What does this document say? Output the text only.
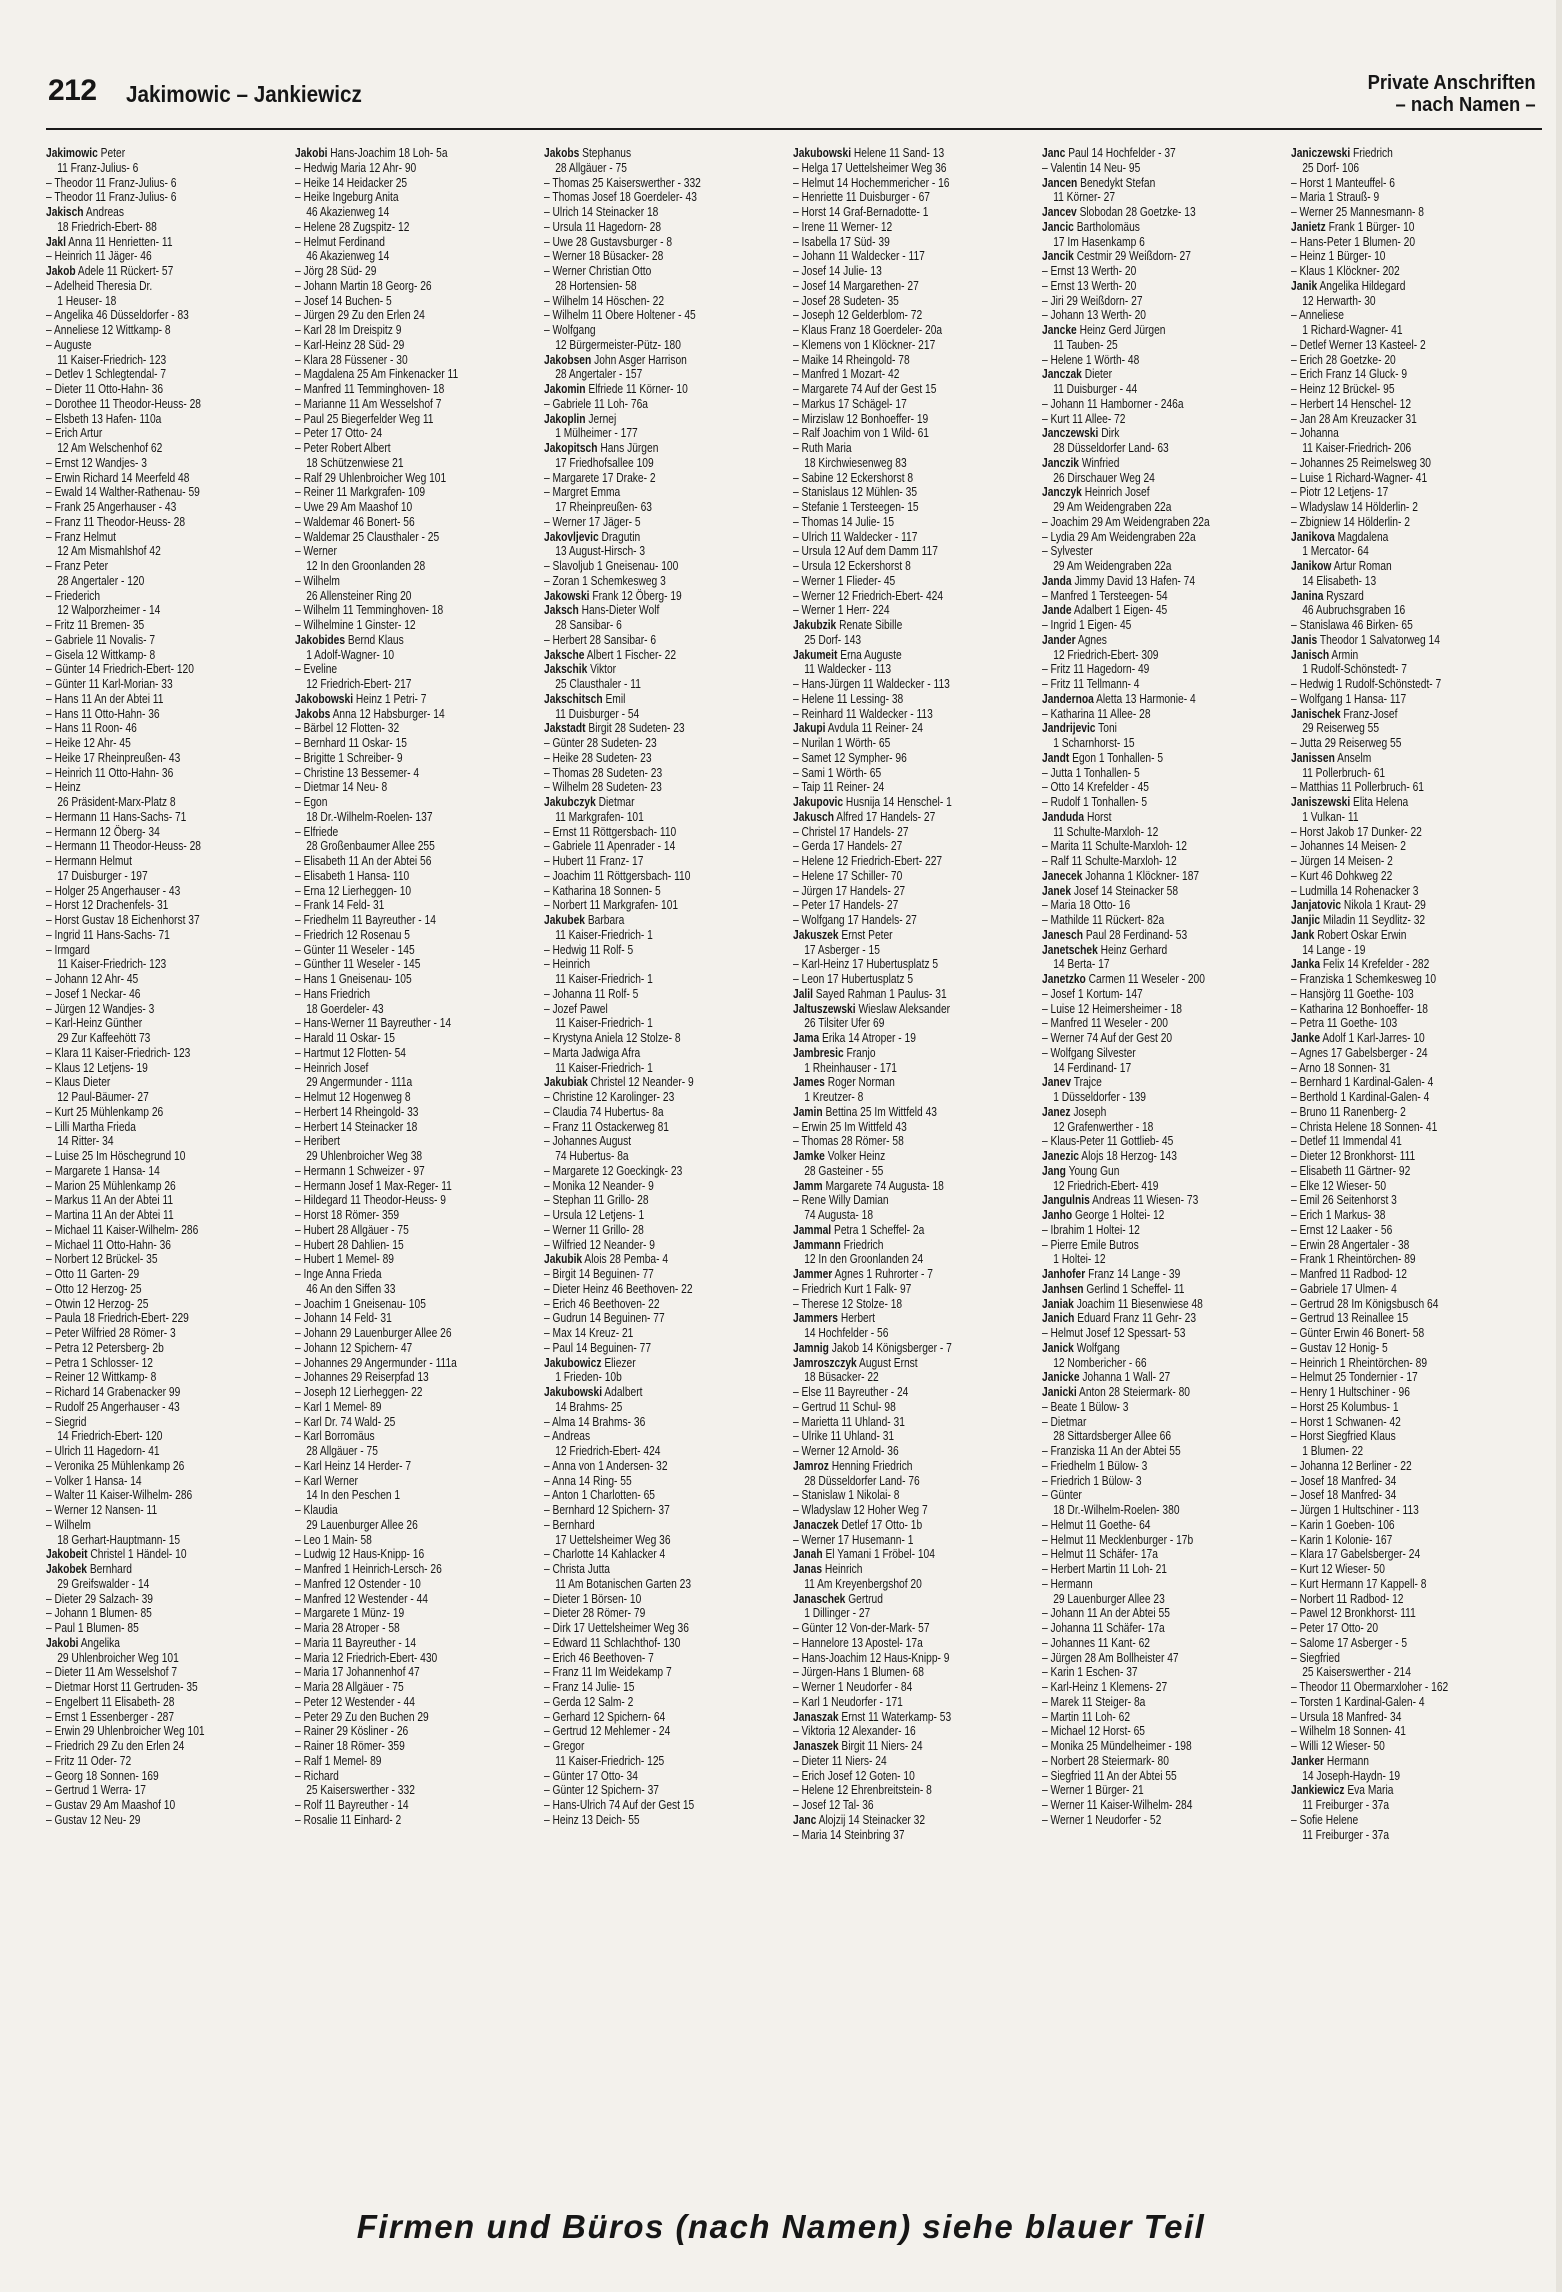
212 Jakimowic – Jankiewicz	Private Anschriften
– nach Namen –
Jakimowic Peter
11 Franz-Julius- 6
– Theodor 11 Franz-Julius- 6
– Theodor 11 Franz-Julius- 6
Jakisch Andreas
18 Friedrich-Ebert- 88
Jakl Anna 11 Henrietten- 11
– Heinrich 11 Jäger- 46
Jakob Adele 11 Rückert- 57
– Adelheid Theresia Dr.
1 Heuser- 18
– Angelika 46 Düsseldorfer - 83
– Anneliese 12 Wittkamp- 8
– Auguste
11 Kaiser-Friedrich- 123
– Detlev 1 Schlegtendal- 7
– Dieter 11 Otto-Hahn- 36
– Dorothee 11 Theodor-Heuss- 28
– Elsbeth 13 Hafen- 110a
– Erich Artur
12 Am Welschenhof 62
– Ernst 12 Wandjes- 3
– Erwin Richard 14 Meerfeld 48
– Ewald 14 Walther-Rathenau- 59
– Frank 25 Angerhauser - 43
– Franz 11 Theodor-Heuss- 28
– Franz Helmut
12 Am Mismahlshof 42
– Franz Peter
28 Angertaler - 120
– Friederich
12 Walporzheimer - 14
– Fritz 11 Bremen- 35
– Gabriele 11 Novalis- 7
– Gisela 12 Wittkamp- 8
– Günter 14 Friedrich-Ebert- 120
– Günter 11 Karl-Morian- 33
– Hans 11 An der Abtei 11
– Hans 11 Otto-Hahn- 36
– Hans 11 Roon- 46
– Heike 12 Ahr- 45
– Heike 17 Rheinpreußen- 43
– Heinrich 11 Otto-Hahn- 36
– Heinz
26 Präsident-Marx-Platz 8
– Hermann 11 Hans-Sachs- 71
– Hermann 12 Öberg- 34
– Hermann 11 Theodor-Heuss- 28
– Hermann Helmut
17 Duisburger - 197
– Holger 25 Angerhauser - 43
– Horst 12 Drachenfels- 31
– Horst Gustav 18 Eichenhorst 37
– Ingrid 11 Hans-Sachs- 71
– Irmgard
11 Kaiser-Friedrich- 123
– Johann 12 Ahr- 45
– Josef 1 Neckar- 46
– Jürgen 12 Wandjes- 3
– Karl-Heinz Günther
29 Zur Kaffeehött 73
– Klara 11 Kaiser-Friedrich- 123
– Klaus 12 Letjens- 19
– Klaus Dieter
12 Paul-Bäumer- 27
– Kurt 25 Mühlenkamp 26
– Lilli Martha Frieda
14 Ritter- 34
– Luise 25 Im Höschegrund 10
– Margarete 1 Hansa- 14
– Marion 25 Mühlenkamp 26
– Markus 11 An der Abtei 11
– Martina 11 An der Abtei 11
– Michael 11 Kaiser-Wilhelm- 286
– Michael 11 Otto-Hahn- 36
– Norbert 12 Brückel- 35
– Otto 11 Garten- 29
– Otto 12 Herzog- 25
– Otwin 12 Herzog- 25
– Paula 18 Friedrich-Ebert- 229
– Peter Wilfried 28 Römer- 3
– Petra 12 Petersberg- 2b
– Petra 1 Schlosser- 12
– Reiner 12 Wittkamp- 8
– Richard 14 Grabenacker 99
– Rudolf 25 Angerhauser - 43
– Siegrid
14 Friedrich-Ebert- 120
– Ulrich 11 Hagedorn- 41
– Veronika 25 Mühlenkamp 26
– Volker 1 Hansa- 14
– Walter 11 Kaiser-Wilhelm- 286
– Werner 12 Nansen- 11
– Wilhelm
18 Gerhart-Hauptmann- 15
Jakobeit Christel 1 Händel- 10
Jakobek Bernhard
29 Greifswalder - 14
– Dieter 29 Salzach- 39
– Johann 1 Blumen- 85
– Paul 1 Blumen- 85
Jakobi Angelika
29 Uhlenbroicher Weg 101
– Dieter 11 Am Wesselshof 7
– Dietmar Horst 11 Gertruden- 35
– Engelbert 11 Elisabeth- 28
– Ernst 1 Essenberger - 287
– Erwin 29 Uhlenbroicher Weg 101
– Friedrich 29 Zu den Erlen 24
– Fritz 11 Oder- 72
– Georg 18 Sonnen- 169
– Gertrud 1 Werra- 17
– Gustav 29 Am Maashof 10
– Gustav 12 Neu- 29
Jakobi Hans-Joachim 18 Loh- 5a
– Hedwig Maria 12 Ahr- 90
– Heike 14 Heidacker 25
– Heike Ingeburg Anita
46 Akazienweg 14
– Helene 28 Zugspitz- 12
– Helmut Ferdinand
46 Akazienweg 14
– Jörg 28 Süd- 29
– Johann Martin 18 Georg- 26
– Josef 14 Buchen- 5
– Jürgen 29 Zu den Erlen 24
– Karl 28 Im Dreispitz 9
– Karl-Heinz 28 Süd- 29
– Klara 28 Füssener - 30
– Magdalena 25 Am Finkenacker 11
– Manfred 11 Temminghoven- 18
– Marianne 11 Am Wesselshof 7
– Paul 25 Biegerfelder Weg 11
– Peter 17 Otto- 24
– Peter Robert Albert
18 Schützenwiese 21
– Ralf 29 Uhlenbroicher Weg 101
– Reiner 11 Markgrafen- 109
– Uwe 29 Am Maashof 10
– Waldemar 46 Bonert- 56
– Waldemar 25 Clausthaler - 25
– Werner
12 In den Groonlanden 28
– Wilhelm
26 Allensteiner Ring 20
– Wilhelm 11 Temminghoven- 18
– Wilhelmine 1 Ginster- 12
Jakobides Bernd Klaus
1 Adolf-Wagner- 10
– Eveline
12 Friedrich-Ebert- 217
Jakobowski Heinz 1 Petri- 7
Jakobs Anna 12 Habsburger- 14
– Bärbel 12 Flotten- 32
– Bernhard 11 Oskar- 15
– Brigitte 1 Schreiber- 9
– Christine 13 Bessemer- 4
– Dietmar 14 Neu- 8
– Egon
18 Dr.-Wilhelm-Roelen- 137
– Elfriede
28 Großenbaumer Allee 255
– Elisabeth 11 An der Abtei 56
– Elisabeth 1 Hansa- 110
– Erna 12 Lierheggen- 10
– Frank 14 Feld- 31
– Friedhelm 11 Bayreuther - 14
– Friedrich 12 Rosenau 5
– Günter 11 Weseler - 145
– Günther 11 Weseler - 145
– Hans 1 Gneisenau- 105
– Hans Friedrich
18 Goerdeler- 43
– Hans-Werner 11 Bayreuther - 14
– Harald 11 Oskar- 15
– Hartmut 12 Flotten- 54
– Heinrich Josef
29 Angermunder - 111a
– Helmut 12 Hogenweg 8
– Herbert 14 Rheingold- 33
– Herbert 14 Steinacker 18
– Heribert
29 Uhlenbroicher Weg 38
– Hermann 1 Schweizer - 97
– Hermann Josef 1 Max-Reger- 11
– Hildegard 11 Theodor-Heuss- 9
– Horst 18 Römer- 359
– Hubert 28 Allgäuer - 75
– Hubert 28 Dahlien- 15
– Hubert 1 Memel- 89
– Inge Anna Frieda
46 An den Siffen 33
– Joachim 1 Gneisenau- 105
– Johann 14 Feld- 31
– Johann 29 Lauenburger Allee 26
– Johann 12 Spichern- 47
– Johannes 29 Angermunder - 111a
– Johannes 29 Reiserpfad 13
– Joseph 12 Lierheggen- 22
– Karl 1 Memel- 89
– Karl Dr. 74 Wald- 25
– Karl Borromäus
28 Allgäuer - 75
– Karl Heinz 14 Herder- 7
– Karl Werner
14 In den Peschen 1
– Klaudia
29 Lauenburger Allee 26
– Leo 1 Main- 58
– Ludwig 12 Haus-Knipp- 16
– Manfred 1 Heinrich-Lersch- 26
– Manfred 12 Ostender - 10
– Manfred 12 Westender - 44
– Margarete 1 Münz- 19
– Maria 28 Atroper - 58
– Maria 11 Bayreuther - 14
– Maria 12 Friedrich-Ebert- 430
– Maria 17 Johannenhof 47
– Maria 28 Allgäuer - 75
– Peter 12 Westender - 44
– Peter 29 Zu den Buchen 29
– Rainer 29 Kösliner - 26
– Rainer 18 Römer- 359
– Ralf 1 Memel- 89
– Richard
25 Kaiserswerther - 332
– Rolf 11 Bayreuther - 14
– Rosalie 11 Einhard- 2
Jakobs Stephanus
28 Allgäuer - 75
– Thomas 25 Kaiserswerther - 332
– Thomas Josef 18 Goerdeler- 43
– Ulrich 14 Steinacker 18
– Ursula 11 Hagedorn- 28
– Uwe 28 Gustavsburger - 8
– Werner 18 Büsacker- 28
– Werner Christian Otto
28 Hortensien- 58
– Wilhelm 14 Höschen- 22
– Wilhelm 11 Obere Holtener - 45
– Wolfgang
12 Bürgermeister-Pütz- 180
Jakobsen John Asger Harrison
28 Angertaler - 157
Jakomin Elfriede 11 Körner- 10
– Gabriele 11 Loh- 76a
Jakoplin Jernej
1 Mülheimer - 177
Jakopitsch Hans Jürgen
17 Friedhofsallee 109
– Margarete 17 Drake- 2
– Margret Emma
17 Rheinpreußen- 63
– Werner 17 Jäger- 5
Jakovljevic Dragutin
13 August-Hirsch- 3
– Slavoljub 1 Gneisenau- 100
– Zoran 1 Schemkesweg 3
Jakowski Frank 12 Öberg- 19
Jaksch Hans-Dieter Wolf
28 Sansibar- 6
– Herbert 28 Sansibar- 6
Jaksche Albert 1 Fischer- 22
Jakschik Viktor
25 Clausthaler - 11
Jakschitsch Emil
11 Duisburger - 54
Jakstadt Birgit 28 Sudeten- 23
– Günter 28 Sudeten- 23
– Heike 28 Sudeten- 23
– Thomas 28 Sudeten- 23
– Wilhelm 28 Sudeten- 23
Jakubczyk Dietmar
11 Markgrafen- 101
– Ernst 11 Röttgersbach- 110
– Gabriele 11 Apenrader - 14
– Hubert 11 Franz- 17
– Joachim 11 Röttgersbach- 110
– Katharina 18 Sonnen- 5
– Norbert 11 Markgrafen- 101
Jakubek Barbara
11 Kaiser-Friedrich- 1
– Hedwig 11 Rolf- 5
– Heinrich
11 Kaiser-Friedrich- 1
– Johanna 11 Rolf- 5
– Jozef Pawel
11 Kaiser-Friedrich- 1
– Krystyna Aniela 12 Stolze- 8
– Marta Jadwiga Afra
11 Kaiser-Friedrich- 1
Jakubiak Christel 12 Neander- 9
– Christine 12 Karolinger- 23
– Claudia 74 Hubertus- 8a
– Franz 11 Ostackerweg 81
– Johannes August
74 Hubertus- 8a
– Margarete 12 Goeckingk- 23
– Monika 12 Neander- 9
– Stephan 11 Grillo- 28
– Ursula 12 Letjens- 1
– Werner 11 Grillo- 28
– Wilfried 12 Neander- 9
Jakubik Alois 28 Pemba- 4
– Birgit 14 Beguinen- 77
– Dieter Heinz 46 Beethoven- 22
– Erich 46 Beethoven- 22
– Gudrun 14 Beguinen- 77
– Max 14 Kreuz- 21
– Paul 14 Beguinen- 77
Jakubowicz Eliezer
1 Frieden- 10b
Jakubowski Adalbert
14 Brahms- 25
– Alma 14 Brahms- 36
– Andreas
12 Friedrich-Ebert- 424
– Anna von 1 Andersen- 32
– Anna 14 Ring- 55
– Anton 1 Charlotten- 65
– Bernhard 12 Spichern- 37
– Bernhard
17 Uettelsheimer Weg 36
– Charlotte 14 Kahlacker 4
– Christa Jutta
11 Am Botanischen Garten 23
– Dieter 1 Börsen- 10
– Dieter 28 Römer- 79
– Dirk 17 Uettelsheimer Weg 36
– Edward 11 Schlachthof- 130
– Erich 46 Beethoven- 7
– Franz 11 Im Weidekamp 7
– Franz 14 Julie- 15
– Gerda 12 Salm- 2
– Gerhard 12 Spichern- 64
– Gertrud 12 Mehlemer - 24
– Gregor
11 Kaiser-Friedrich- 125
– Günter 17 Otto- 34
– Günter 12 Spichern- 37
– Hans-Ulrich 74 Auf der Gest 15
– Heinz 13 Deich- 55
Jakubowski Helene 11 Sand- 13
– Helga 17 Uettelsheimer Weg 36
– Helmut 14 Hochemmericher - 16
– Henriette 11 Duisburger - 67
– Horst 14 Graf-Bernadotte- 1
– Irene 11 Werner- 12
– Isabella 17 Süd- 39
– Johann 11 Waldecker - 117
– Josef 14 Julie- 13
– Josef 14 Margarethen- 27
– Josef 28 Sudeten- 35
– Joseph 12 Gelderblom- 72
– Klaus Franz 18 Goerdeler- 20a
– Klemens von 1 Klöckner- 217
– Maike 14 Rheingold- 78
– Manfred 1 Mozart- 42
– Margarete 74 Auf der Gest 15
– Markus 17 Schägel- 17
– Mirzislaw 12 Bonhoeffer- 19
– Ralf Joachim von 1 Wild- 61
– Ruth Maria
18 Kirchwiesenweg 83
– Sabine 12 Eckershorst 8
– Stanislaus 12 Mühlen- 35
– Stefanie 1 Tersteegen- 15
– Thomas 14 Julie- 15
– Ulrich 11 Waldecker - 117
– Ursula 12 Auf dem Damm 117
– Ursula 12 Eckershorst 8
– Werner 1 Flieder- 45
– Werner 12 Friedrich-Ebert- 424
– Werner 1 Herr- 224
Jakubzik Renate Sibille
25 Dorf- 143
Jakumeit Erna Auguste
11 Waldecker - 113
– Hans-Jürgen 11 Waldecker - 113
– Helene 11 Lessing- 38
– Reinhard 11 Waldecker - 113
Jakupi Avdula 11 Reiner- 24
– Nurilan 1 Wörth- 65
– Samet 12 Sympher- 96
– Sami 1 Wörth- 65
– Taip 11 Reiner- 24
Jakupovic Husnija 14 Henschel- 1
Jakusch Alfred 17 Handels- 27
– Christel 17 Handels- 27
– Gerda 17 Handels- 27
– Helene 12 Friedrich-Ebert- 227
– Helene 17 Schiller- 70
– Jürgen 17 Handels- 27
– Peter 17 Handels- 27
– Wolfgang 17 Handels- 27
Jakuszek Ernst Peter
17 Asberger - 15
– Karl-Heinz 17 Hubertusplatz 5
– Leon 17 Hubertusplatz 5
Jalil Sayed Rahman 1 Paulus- 31
Jaltuszewski Wieslaw Aleksander
26 Tilsiter Ufer 69
Jama Erika 14 Atroper - 19
Jambresic Franjo
1 Rheinhauser - 171
James Roger Norman
1 Kreutzer- 8
Jamin Bettina 25 Im Wittfeld 43
– Erwin 25 Im Wittfeld 43
– Thomas 28 Römer- 58
Jamke Volker Heinz
28 Gasteiner - 55
Jamm Margarete 74 Augusta- 18
– Rene Willy Damian
74 Augusta- 18
Jammal Petra 1 Scheffel- 2a
Jammann Friedrich
12 In den Groonlanden 24
Jammer Agnes 1 Ruhrorter - 7
– Friedrich Kurt 1 Falk- 97
– Therese 12 Stolze- 18
Jammers Herbert
14 Hochfelder - 56
Jamnig Jakob 14 Königsberger - 7
Jamroszczyk August Ernst
18 Büsacker- 22
– Else 11 Bayreuther - 24
– Gertrud 11 Schul- 98
– Marietta 11 Uhland- 31
– Ulrike 11 Uhland- 31
– Werner 12 Arnold- 36
Jamroz Henning Friedrich
28 Düsseldorfer Land- 76
– Stanislaw 1 Nikolai- 8
– Wladyslaw 12 Hoher Weg 7
Janaczek Detlef 17 Otto- 1b
– Werner 17 Husemann- 1
Janah El Yamani 1 Fröbel- 104
Janas Heinrich
11 Am Kreyenbergshof 20
Janaschek Gertrud
1 Dillinger - 27
– Günter 12 Von-der-Mark- 57
– Hannelore 13 Apostel- 17a
– Hans-Joachim 12 Haus-Knipp- 9
– Jürgen-Hans 1 Blumen- 68
– Werner 1 Neudorfer - 84
– Karl 1 Neudorfer - 171
Janaszak Ernst 11 Waterkamp- 53
– Viktoria 12 Alexander- 16
Janaszek Birgit 11 Niers- 24
– Dieter 11 Niers- 24
– Erich Josef 12 Goten- 10
– Helene 12 Ehrenbreitstein- 8
– Josef 12 Tal- 36
Janc Alojzij 14 Steinacker 32
– Maria 14 Steinbring 37
Janc Paul 14 Hochfelder - 37
– Valentin 14 Neu- 95
Jancen Benedykt Stefan
11 Körner- 27
Jancev Slobodan 28 Goetzke- 13
Jancic Bartholomäus
17 Im Hasenkamp 6
Jancik Cestmir 29 Weißdorn- 27
– Ernst 13 Werth- 20
– Ernst 13 Werth- 20
– Jiri 29 Weißdorn- 27
– Johann 13 Werth- 20
Jancke Heinz Gerd Jürgen
11 Tauben- 25
– Helene 1 Wörth- 48
Janczak Dieter
11 Duisburger - 44
– Johann 11 Hamborner - 246a
– Kurt 11 Allee- 72
Janczewski Dirk
28 Düsseldorfer Land- 63
Janczik Winfried
26 Dirschauer Weg 24
Janczyk Heinrich Josef
29 Am Weidengraben 22a
– Joachim 29 Am Weidengraben 22a
– Lydia 29 Am Weidengraben 22a
– Sylvester
29 Am Weidengraben 22a
Janda Jimmy David 13 Hafen- 74
– Manfred 1 Tersteegen- 54
Jande Adalbert 1 Eigen- 45
– Ingrid 1 Eigen- 45
Jander Agnes
12 Friedrich-Ebert- 309
– Fritz 11 Hagedorn- 49
– Fritz 11 Tellmann- 4
Jandernoa Aletta 13 Harmonie- 4
– Katharina 11 Allee- 28
Jandrijevic Toni
1 Scharnhorst- 15
Jandt Egon 1 Tonhallen- 5
– Jutta 1 Tonhallen- 5
– Otto 14 Krefelder - 45
– Rudolf 1 Tonhallen- 5
Janduda Horst
11 Schulte-Marxloh- 12
– Marita 11 Schulte-Marxloh- 12
– Ralf 11 Schulte-Marxloh- 12
Janecek Johanna 1 Klöckner- 187
Janek Josef 14 Steinacker 58
– Maria 18 Otto- 16
– Mathilde 11 Rückert- 82a
Janesch Paul 28 Ferdinand- 53
Janetschek Heinz Gerhard
14 Berta- 17
Janetzko Carmen 11 Weseler - 200
– Josef 1 Kortum- 147
– Luise 12 Heimersheimer - 18
– Manfred 11 Weseler - 200
– Werner 74 Auf der Gest 20
– Wolfgang Silvester
14 Ferdinand- 17
Janev Trajce
1 Düsseldorfer - 139
Janez Joseph
12 Grafenwerther - 18
– Klaus-Peter 11 Gottlieb- 45
Janezic Alojs 18 Herzog- 143
Jang Young Gun
12 Friedrich-Ebert- 419
Jangulnis Andreas 11 Wiesen- 73
Janho George 1 Holtei- 12
– Ibrahim 1 Holtei- 12
– Pierre Emile Butros
1 Holtei- 12
Janhofer Franz 14 Lange - 39
Janhsen Gerlind 1 Scheffel- 11
Janiak Joachim 11 Biesenwiese 48
Janich Eduard Franz 11 Gehr- 23
– Helmut Josef 12 Spessart- 53
Janick Wolfgang
12 Nombericher - 66
Janicke Johanna 1 Wall- 27
Janicki Anton 28 Steiermark- 80
– Beate 1 Bülow- 3
– Dietmar
28 Sittardsberger Allee 66
– Franziska 11 An der Abtei 55
– Friedhelm 1 Bülow- 3
– Friedrich 1 Bülow- 3
– Günter
18 Dr.-Wilhelm-Roelen- 380
– Helmut 11 Goethe- 64
– Helmut 11 Mecklenburger - 17b
– Helmut 11 Schäfer- 17a
– Herbert Martin 11 Loh- 21
– Hermann
29 Lauenburger Allee 23
– Johann 11 An der Abtei 55
– Johanna 11 Schäfer- 17a
– Johannes 11 Kant- 62
– Jürgen 28 Am Bollheister 47
– Karin 1 Eschen- 37
– Karl-Heinz 1 Klemens- 27
– Marek 11 Steiger- 8a
– Martin 11 Loh- 62
– Michael 12 Horst- 65
– Monika 25 Mündelheimer - 198
– Norbert 28 Steiermark- 80
– Siegfried 11 An der Abtei 55
– Werner 1 Bürger- 21
– Werner 11 Kaiser-Wilhelm- 284
– Werner 1 Neudorfer - 52
Janiczewski Friedrich
25 Dorf- 106
– Horst 1 Manteuffel- 6
– Maria 1 Strauß- 9
– Werner 25 Mannesmann- 8
Janietz Frank 1 Bürger- 10
– Hans-Peter 1 Blumen- 20
– Heinz 1 Bürger- 10
– Klaus 1 Klöckner- 202
Janik Angelika Hildegard
12 Herwarth- 30
– Anneliese
1 Richard-Wagner- 41
– Detlef Werner 13 Kasteel- 2
– Erich 28 Goetzke- 20
– Erich Franz 14 Gluck- 9
– Heinz 12 Brückel- 95
– Herbert 14 Henschel- 12
– Jan 28 Am Kreuzacker 31
– Johanna
11 Kaiser-Friedrich- 206
– Johannes 25 Reimelsweg 30
– Luise 1 Richard-Wagner- 41
– Piotr 12 Letjens- 17
– Wladyslaw 14 Hölderlin- 2
– Zbigniew 14 Hölderlin- 2
Janikova Magdalena
1 Mercator- 64
Janikow Artur Roman
14 Elisabeth- 13
Janina Ryszard
46 Aubruchsgraben 16
– Stanislawa 46 Birken- 65
Janis Theodor 1 Salvatorweg 14
Janisch Armin
1 Rudolf-Schönstedt- 7
– Hedwig 1 Rudolf-Schönstedt- 7
– Wolfgang 1 Hansa- 117
Janischek Franz-Josef
29 Reiserweg 55
– Jutta 29 Reiserweg 55
Janissen Anselm
11 Pollerbruch- 61
– Matthias 11 Pollerbruch- 61
Janiszewski Elita Helena
1 Vulkan- 11
– Horst Jakob 17 Dunker- 22
– Johannes 14 Meisen- 2
– Jürgen 14 Meisen- 2
– Kurt 46 Dohkweg 22
– Ludmilla 14 Rohenacker 3
Janjatovic Nikola 1 Kraut- 29
Janjic Miladin 11 Seydlitz- 32
Jank Robert Oskar Erwin
14 Lange - 19
Janka Felix 14 Krefelder - 282
– Franziska 1 Schemkesweg 10
– Hansjörg 11 Goethe- 103
– Katharina 12 Bonhoeffer- 18
– Petra 11 Goethe- 103
Janke Adolf 1 Karl-Jarres- 10
– Agnes 17 Gabelsberger - 24
– Arno 18 Sonnen- 31
– Bernhard 1 Kardinal-Galen- 4
– Berthold 1 Kardinal-Galen- 4
– Bruno 11 Ranenberg- 2
– Christa Helene 18 Sonnen- 41
– Detlef 11 Immendal 41
– Dieter 12 Bronkhorst- 111
– Elisabeth 11 Gärtner- 92
– Elke 12 Wieser- 50
– Emil 26 Seitenhorst 3
– Erich 1 Markus- 38
– Ernst 12 Laaker - 56
– Erwin 28 Angertaler - 38
– Frank 1 Rheintörchen- 89
– Manfred 11 Radbod- 12
– Gabriele 17 Ulmen- 4
– Gertrud 28 Im Königsbusch 64
– Gertrud 13 Reinallee 15
– Günter Erwin 46 Bonert- 58
– Gustav 12 Honig- 5
– Heinrich 1 Rheintörchen- 89
– Helmut 25 Tondernier - 17
– Henry 1 Hultschiner - 96
– Horst 25 Kolumbus- 1
– Horst 1 Schwanen- 42
– Horst Siegfried Klaus
1 Blumen- 22
– Johanna 12 Berliner - 22
– Josef 18 Manfred- 34
– Josef 18 Manfred- 34
– Jürgen 1 Hultschiner - 113
– Karin 1 Goeben- 106
– Karin 1 Kolonie- 167
– Klara 17 Gabelsberger- 24
– Kurt 12 Wieser- 50
– Kurt Hermann 17 Kappell- 8
– Norbert 11 Radbod- 12
– Pawel 12 Bronkhorst- 111
– Peter 17 Otto- 20
– Salome 17 Asberger - 5
– Siegfried
25 Kaiserswerther - 214
– Theodor 11 Obermarxloher - 162
– Torsten 1 Kardinal-Galen- 4
– Ursula 18 Manfred- 34
– Wilhelm 18 Sonnen- 41
– Willi 12 Wieser- 50
Janker Hermann
14 Joseph-Haydn- 19
Jankiewicz Eva Maria
11 Freiburger - 37a
– Sofie Helene
11 Freiburger - 37a
Firmen und Büros (nach Namen) siehe blauer Teil
